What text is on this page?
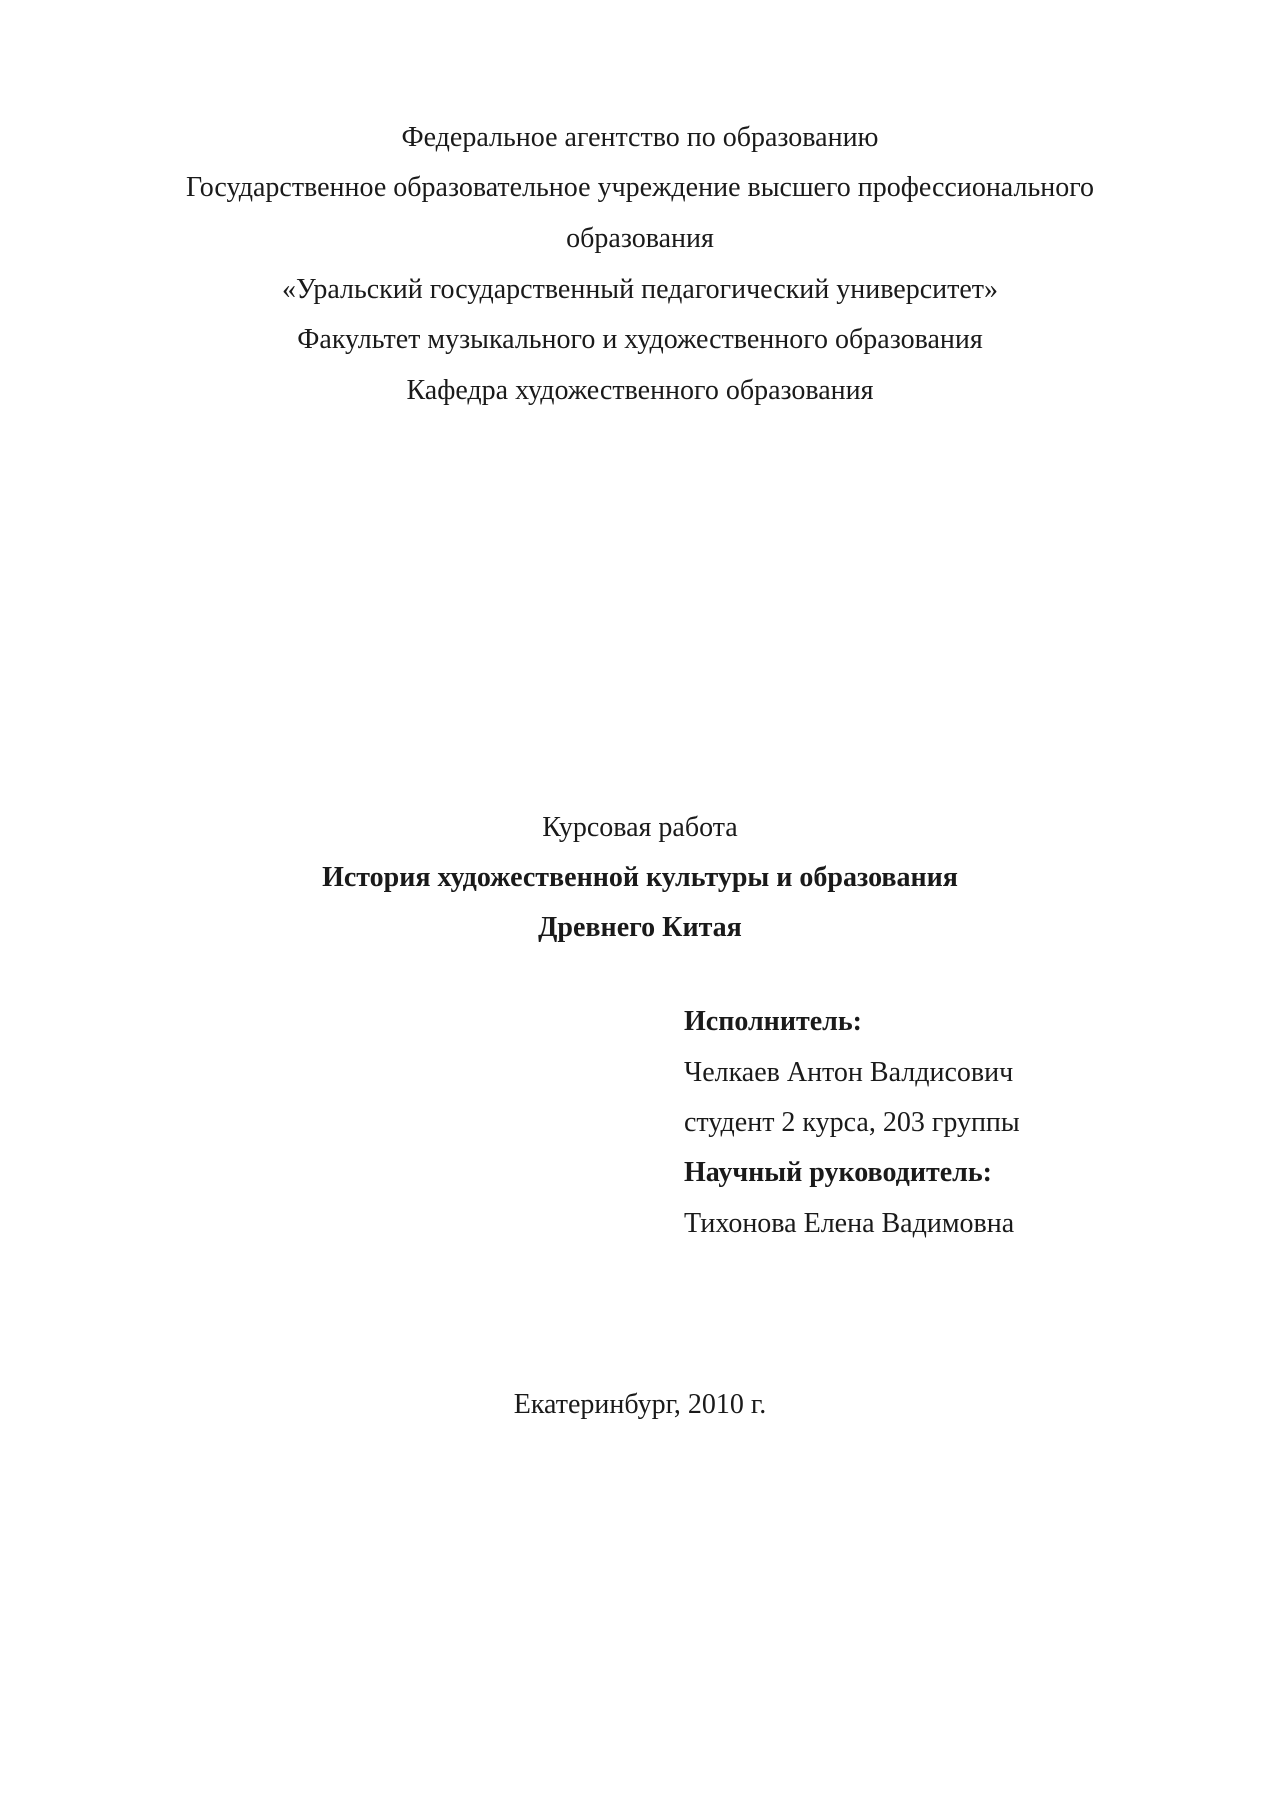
Федеральное агентство по образованию
Государственное образовательное учреждение высшего профессионального
образования
«Уральский государственный педагогический университет»
Факультет музыкального и художественного образования
Кафедра художественного образования
Курсовая работа
История художественной культуры и образования
Древнего Китая
Исполнитель:
Челкаев Антон Валдисович
студент 2 курса, 203 группы
Научный руководитель:
Тихонова Елена Вадимовна
Екатеринбург, 2010 г.
